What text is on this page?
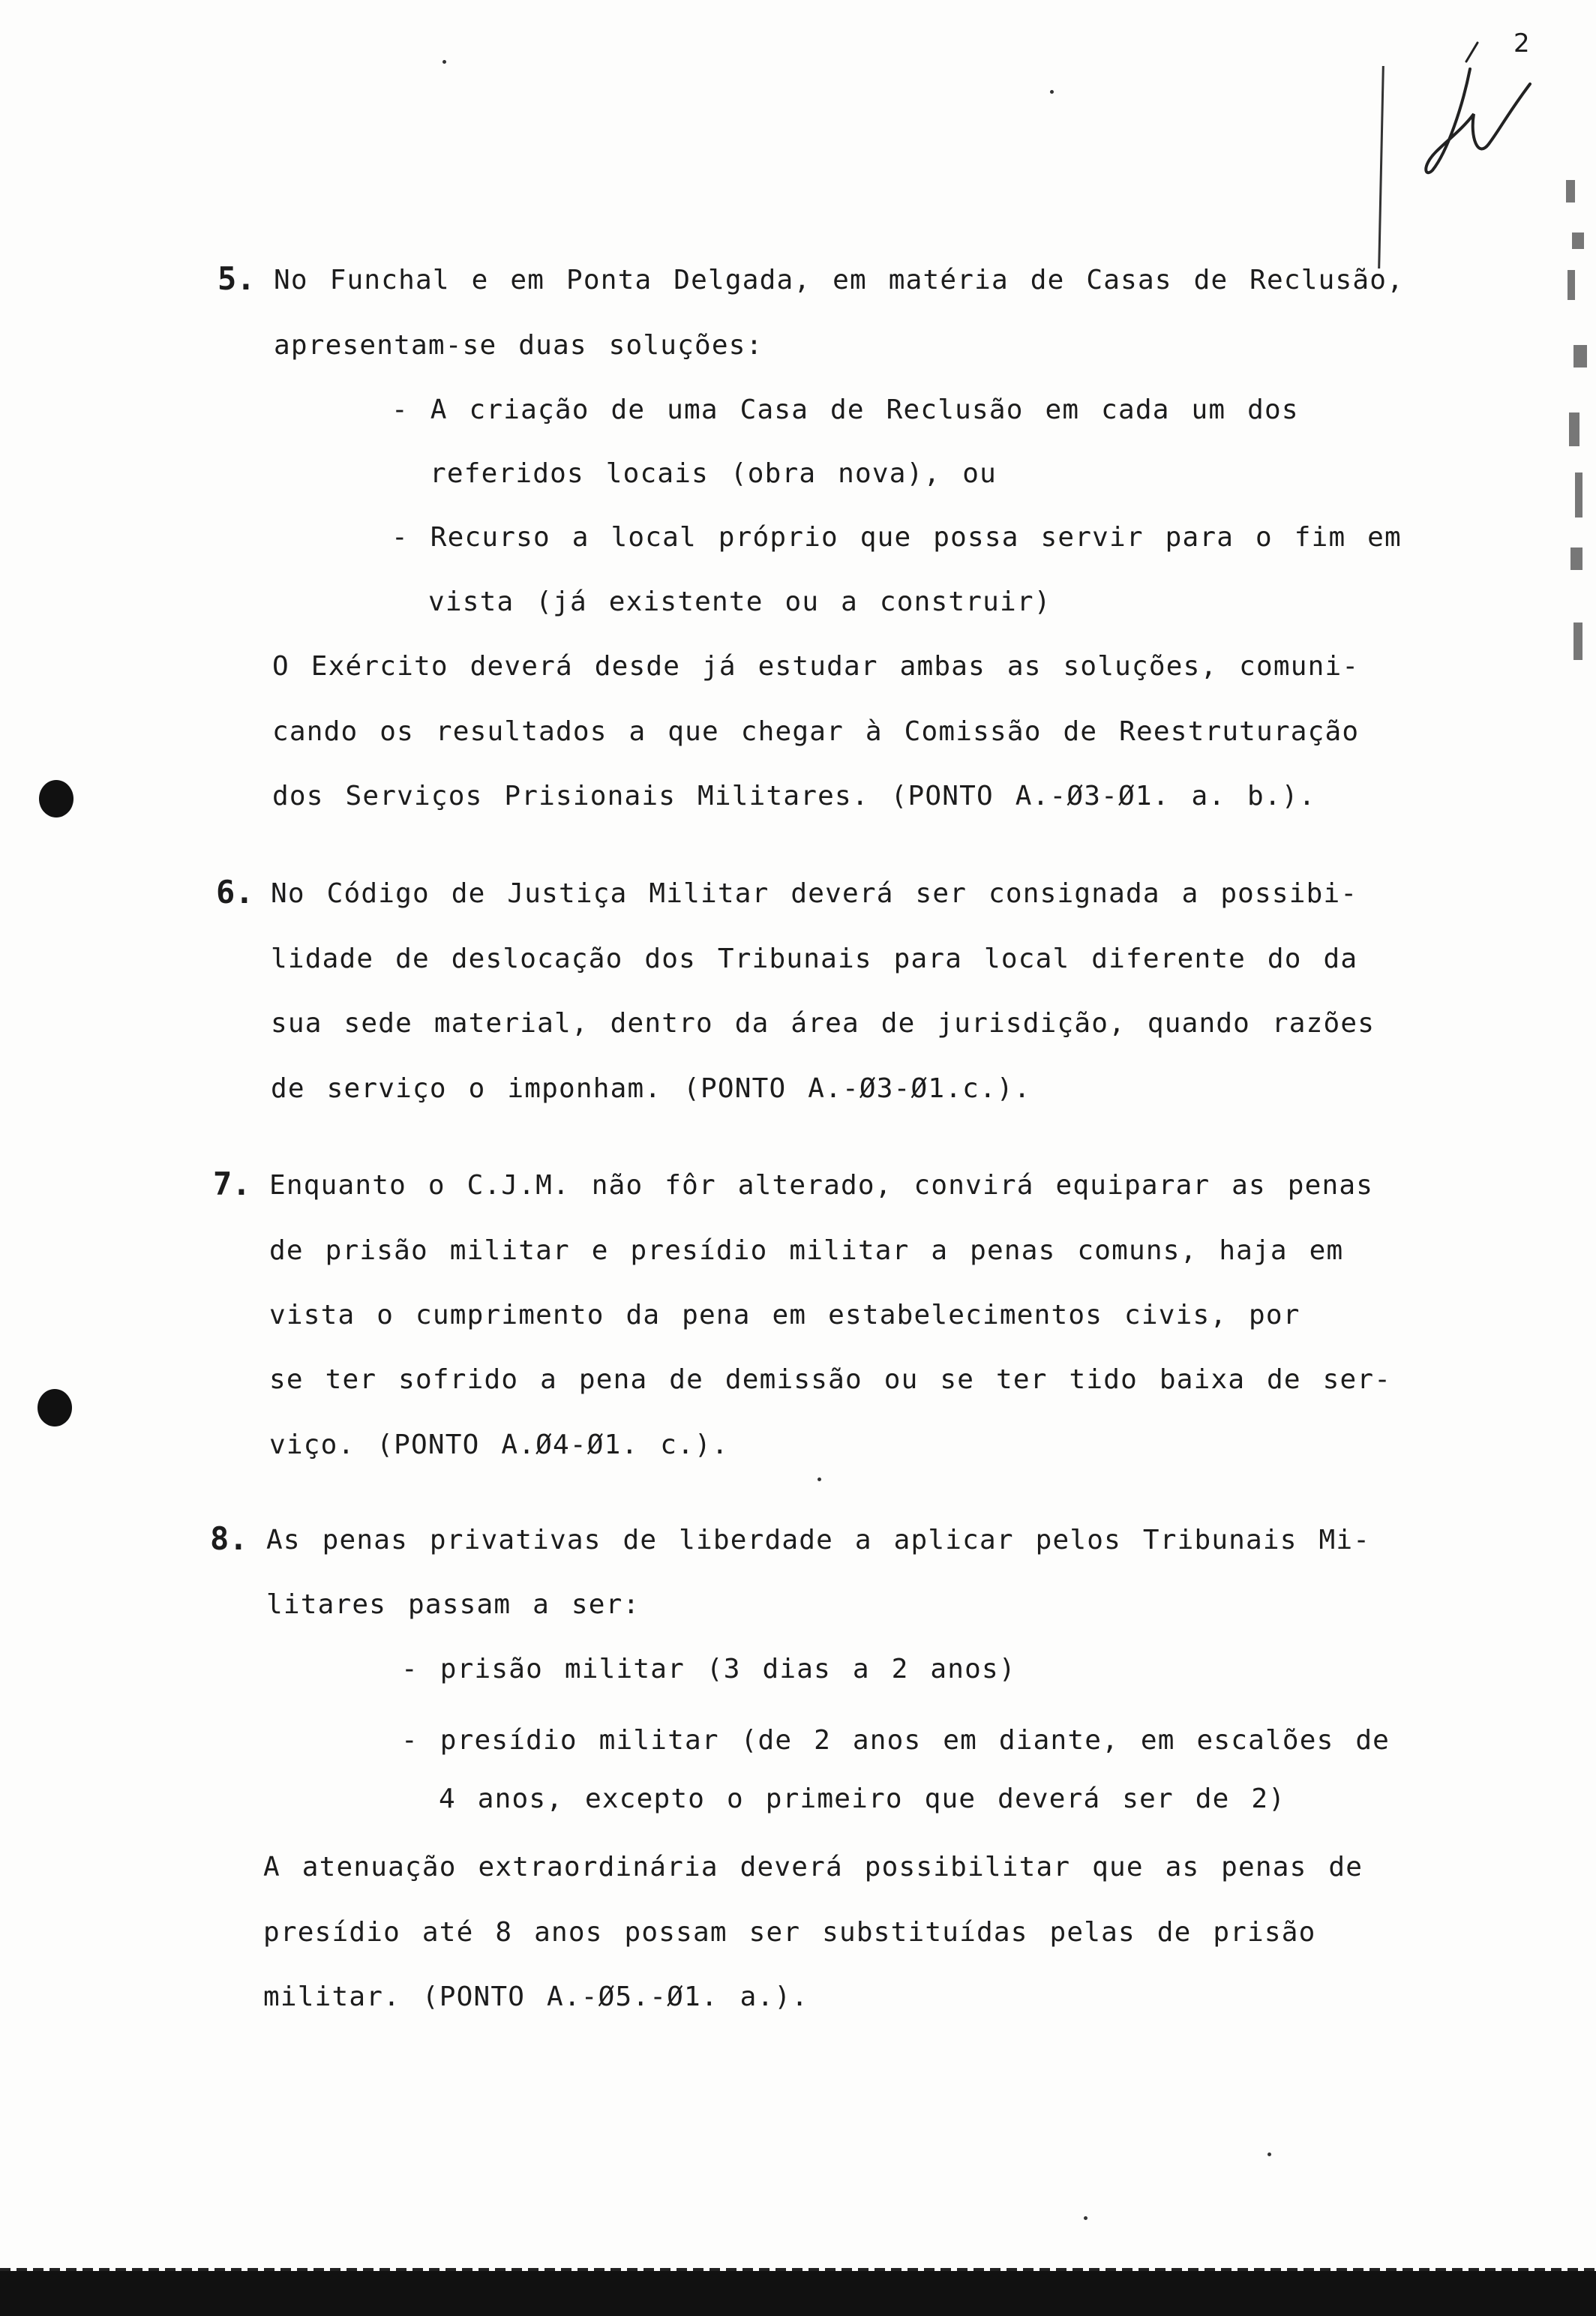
2
5. No Funchal e em Ponta Delgada, em matéria de Casas de Reclusão,
apresentam-se duas soluções:
- A criação de uma Casa de Reclusão em cada um dos
referidos locais (obra nova), ou
- Recurso a local próprio que possa servir para o fim em
vista (já existente ou a construir)
O Exército deverá desde já estudar ambas as soluções, comuni-
cando os resultados a que chegar à Comissão de Reestruturação
dos Serviços Prisionais Militares. (PONTO A.-Ø3-Ø1. a. b.).
6. No Código de Justiça Militar deverá ser consignada a possibi-
lidade de deslocação dos Tribunais para local diferente do da
sua sede material, dentro da área de jurisdição, quando razões
de serviço o imponham. (PONTO A.-Ø3-Ø1.c.).
7. Enquanto o C.J.M. não fôr alterado, convirá equiparar as penas
de prisão militar e presídio militar a penas comuns, haja em
vista o cumprimento da pena em estabelecimentos civis, por
se ter sofrido a pena de demissão ou se ter tido baixa de ser-
viço. (PONTO A.Ø4-Ø1. c.).
8. As penas privativas de liberdade a aplicar pelos Tribunais Mi-
litares passam a ser:
- prisão militar (3 dias a 2 anos)
- presídio militar (de 2 anos em diante, em escalões de
4 anos, excepto o primeiro que deverá ser de 2)
A atenuação extraordinária deverá possibilitar que as penas de
presídio até 8 anos possam ser substituídas pelas de prisão
militar. (PONTO A.-Ø5.-Ø1. a.).
